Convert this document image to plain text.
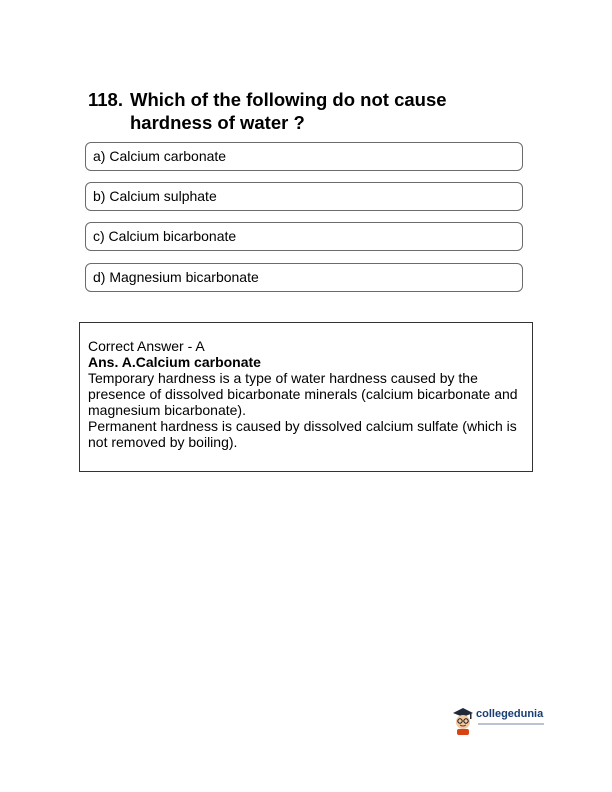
118. Which of the following do not cause
hardness of water ?
a) Calcium carbonate
b) Calcium sulphate
c) Calcium bicarbonate
d) Magnesium bicarbonate
Correct Answer - A
Ans. A.Calcium carbonate
Temporary hardness is a type of water hardness caused by the presence of dissolved bicarbonate minerals (calcium bicarbonate and magnesium bicarbonate).
Permanent hardness is caused by dissolved calcium sulfate (which is not removed by boiling).
collegedunia
